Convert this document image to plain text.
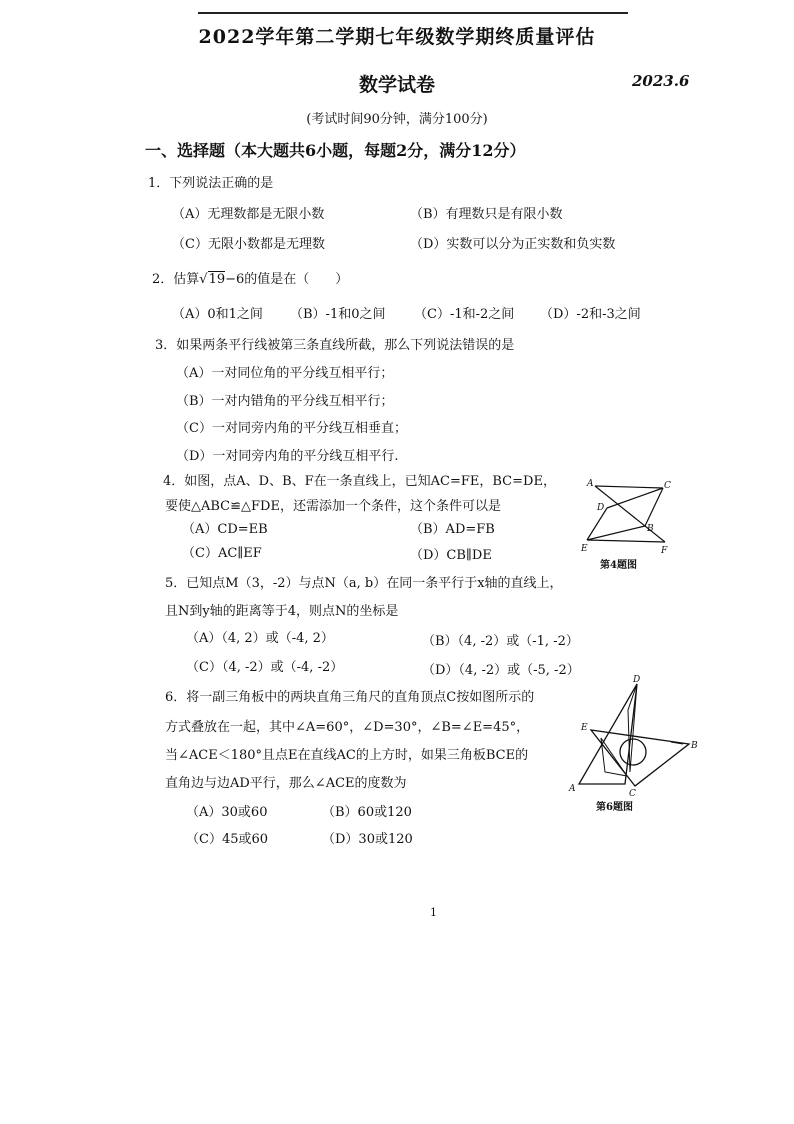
2022学年第二学期七年级数学期终质量评估
数学试卷	2023.6
(考试时间90分钟，满分100分)
一、选择题（本大题共6小题，每题2分，满分12分）
1．下列说法正确的是
（A）无理数都是无限小数	（B）有理数只是有限小数
（C）无限小数都是无理数	（D）实数可以分为正实数和负实数
2．估算√19−6的值是在（　　）
（A）0和1之间 （B）-1和0之间 （C）-1和-2之间 （D）-2和-3之间
3．如果两条平行线被第三条直线所截，那么下列说法错误的是
（A）一对同位角的平分线互相平行；
（B）一对内错角的平分线互相平行；
（C）一对同旁内角的平分线互相垂直；
（D）一对同旁内角的平分线互相平行.
4．如图，点A、D、B、F在一条直线上，已知AC=FE，BC=DE，
要使△ABC≌△FDE，还需添加一个条件，这个条件可以是
（A）CD=EB	（B）AD=FB
（C）AC∥EF	（D）CB∥DE
A	C
D
B
E	F
第4题图
5．已知点M（3，-2）与点N（a, b）在同一条平行于x轴的直线上，
且N到y轴的距离等于4，则点N的坐标是
（A）（4, 2）或（-4, 2）	（B）（4, -2）或（-1, -2）
（C）（4, -2）或（-4, -2）	（D）（4, -2）或（-5, -2）
6．将一副三角板中的两块直角三角尺的直角顶点C按如图所示的
方式叠放在一起，其中∠A=60°，∠D=30°，∠B=∠E=45°，
当∠ACE＜180°且点E在直线AC的上方时，如果三角板BCE的
直角边与边AD平行，那么∠ACE的度数为
（A）30或60	（B）60或120
（C）45或60	（D）30或120
D
E
B
A	C
第6题图
1
